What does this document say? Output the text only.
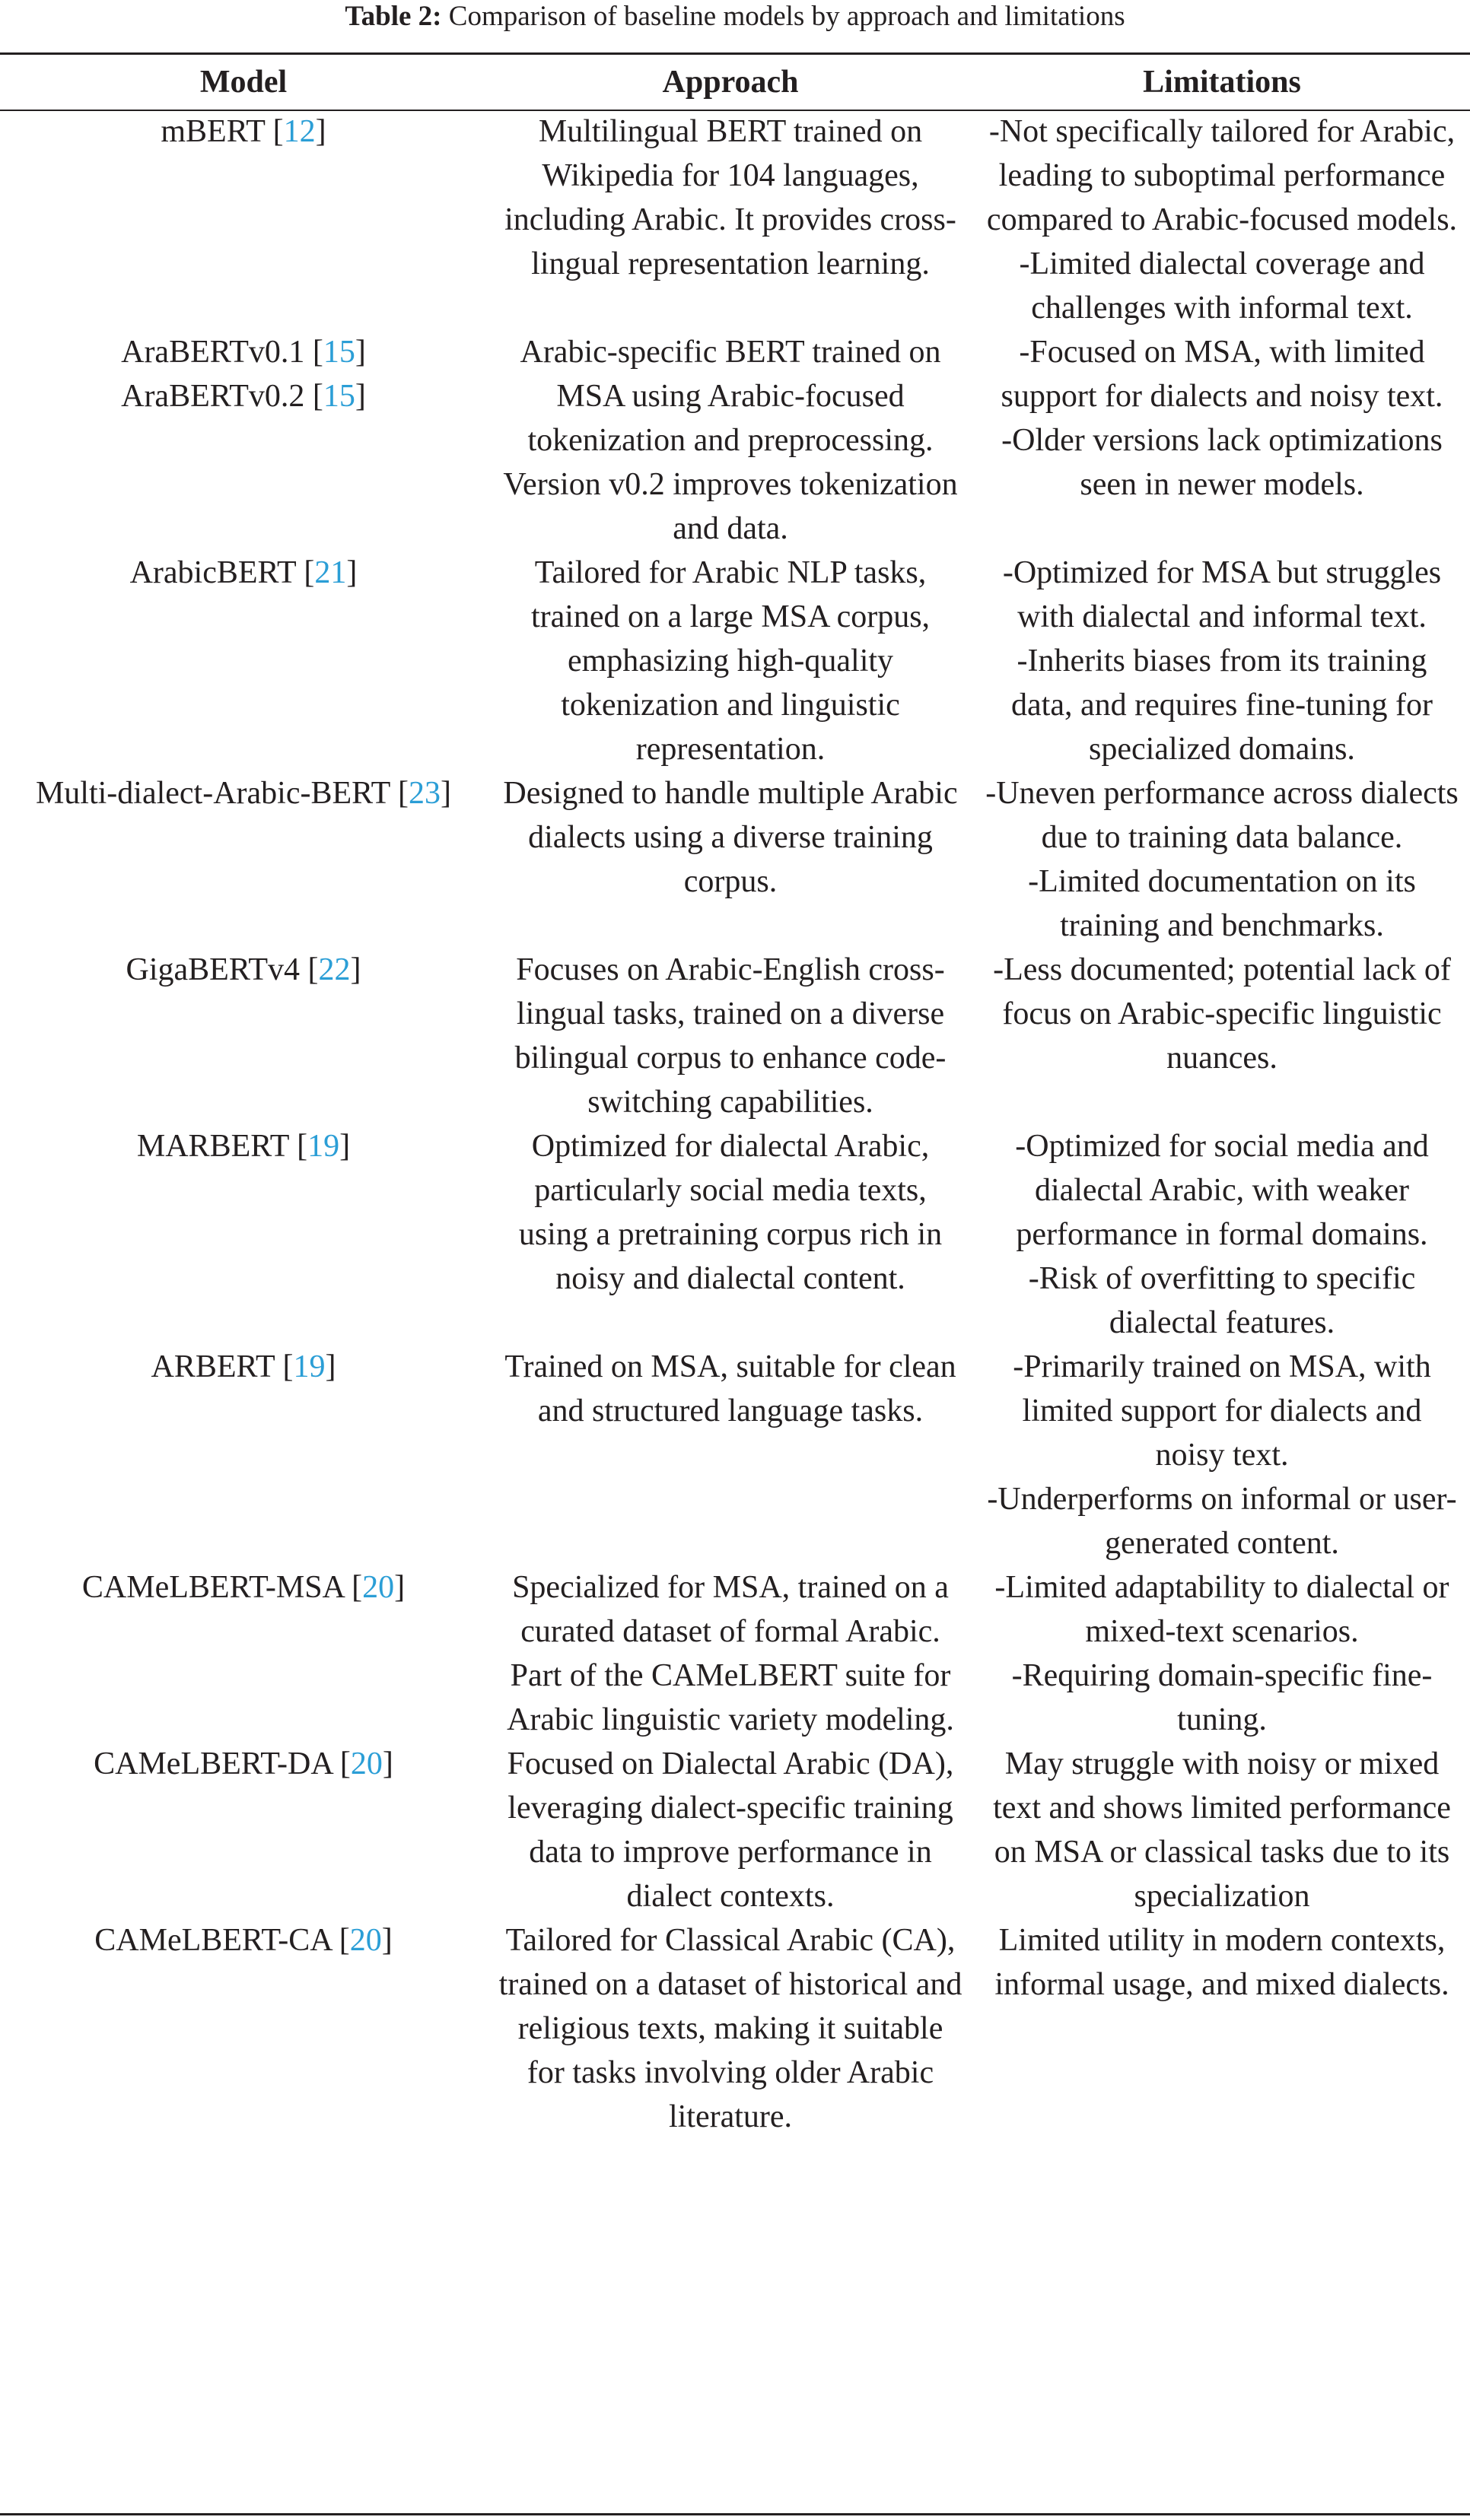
Table 2: Comparison of baseline models by approach and limitations
Model	Approach	Limitations

mBERT [12]	Multilingual BERT trained on Wikipedia for 104 languages, including Arabic. It provides cross-lingual representation learning.	-Not specifically tailored for Arabic, leading to suboptimal performance compared to Arabic-focused models.
-Limited dialectal coverage and challenges with informal text.

AraBERTv0.1 [15]
AraBERTv0.2 [15]	Arabic-specific BERT trained on MSA using Arabic-focused tokenization and preprocessing. Version v0.2 improves tokenization and data.	-Focused on MSA, with limited support for dialects and noisy text.
-Older versions lack optimizations seen in newer models.

ArabicBERT [21]	Tailored for Arabic NLP tasks, trained on a large MSA corpus, emphasizing high-quality tokenization and linguistic representation.	-Optimized for MSA but struggles with dialectal and informal text.
-Inherits biases from its training data, and requires fine-tuning for specialized domains.

Multi-dialect-Arabic-BERT [23]	Designed to handle multiple Arabic dialects using a diverse training corpus.	-Uneven performance across dialects due to training data balance.
-Limited documentation on its training and benchmarks.

GigaBERTv4 [22]	Focuses on Arabic-English cross-lingual tasks, trained on a diverse bilingual corpus to enhance code-switching capabilities.	-Less documented; potential lack of focus on Arabic-specific linguistic nuances.

MARBERT [19]	Optimized for dialectal Arabic, particularly social media texts, using a pretraining corpus rich in noisy and dialectal content.	-Optimized for social media and dialectal Arabic, with weaker performance in formal domains.
-Risk of overfitting to specific dialectal features.

ARBERT [19]	Trained on MSA, suitable for clean and structured language tasks.	-Primarily trained on MSA, with limited support for dialects and noisy text.
-Underperforms on informal or user-generated content.

CAMeLBERT-MSA [20]	Specialized for MSA, trained on a curated dataset of formal Arabic. Part of the CAMeLBERT suite for Arabic linguistic variety modeling.	-Limited adaptability to dialectal or mixed-text scenarios.
-Requiring domain-specific fine-tuning.

CAMeLBERT-DA [20]	Focused on Dialectal Arabic (DA), leveraging dialect-specific training data to improve performance in dialect contexts.	May struggle with noisy or mixed text and shows limited performance on MSA or classical tasks due to its specialization

CAMeLBERT-CA [20]	Tailored for Classical Arabic (CA), trained on a dataset of historical and religious texts, making it suitable for tasks involving older Arabic literature.	Limited utility in modern contexts, informal usage, and mixed dialects.
